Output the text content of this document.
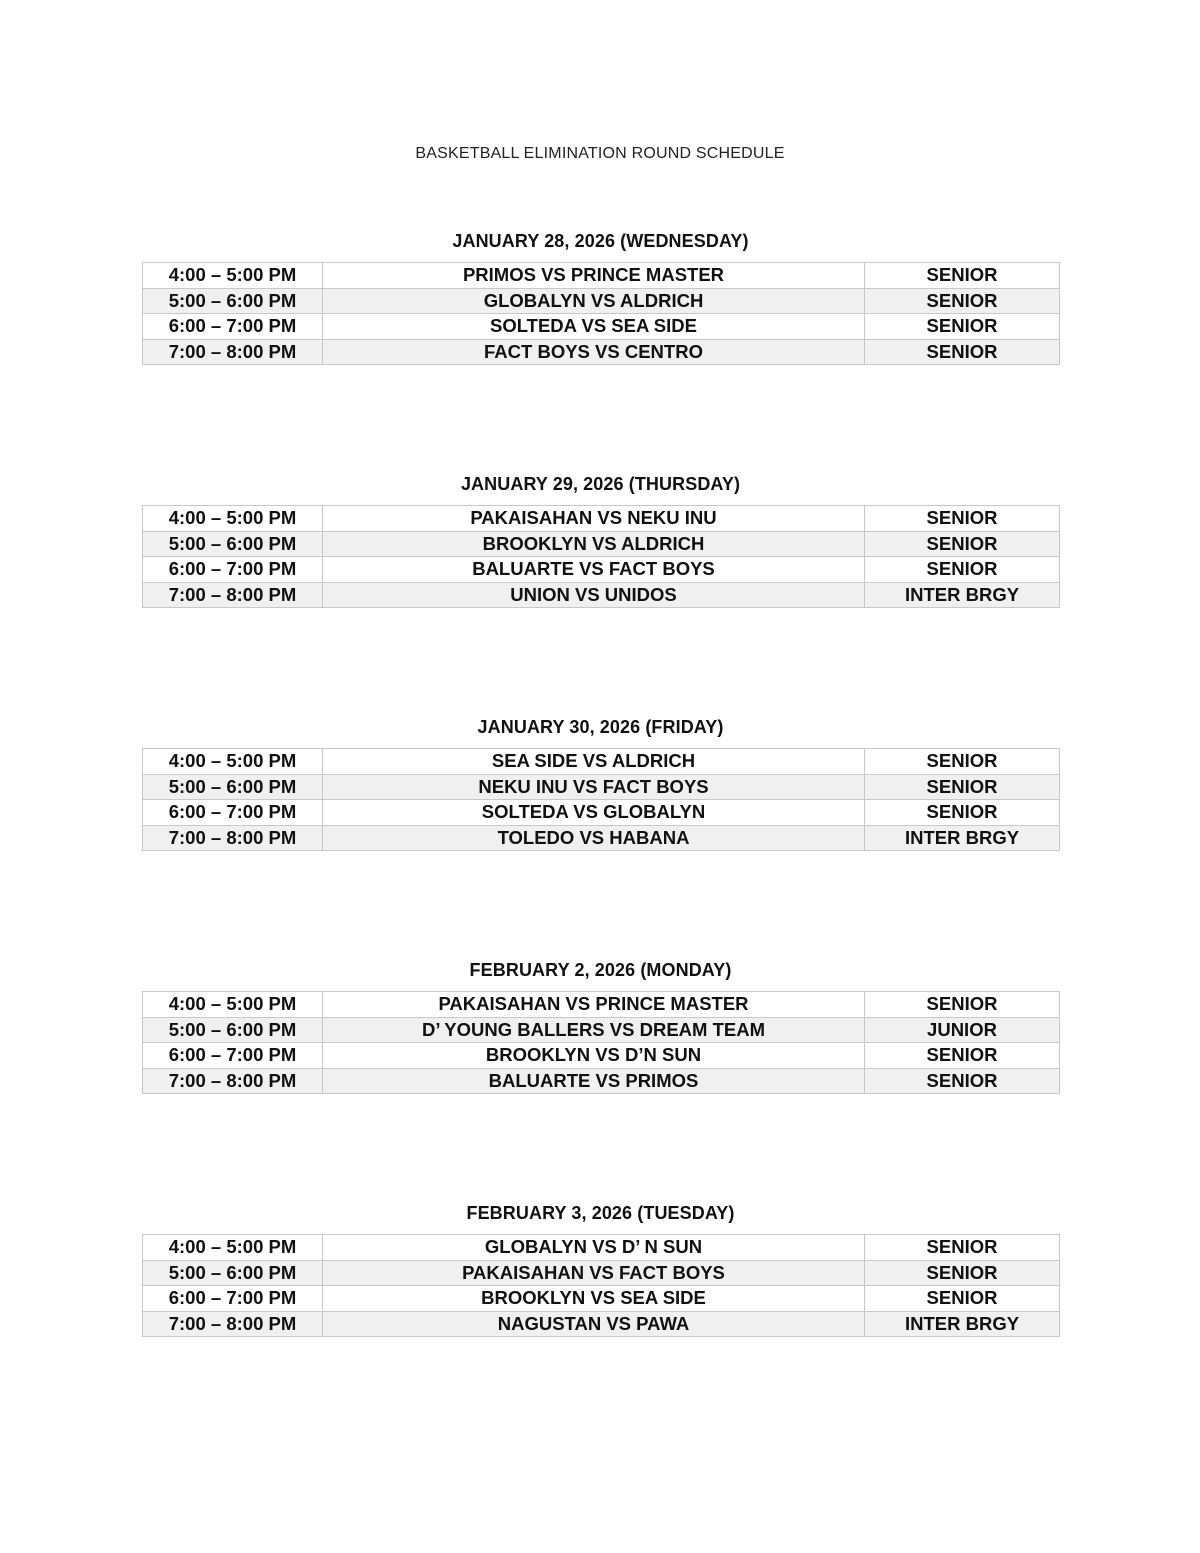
BASKETBALL ELIMINATION ROUND SCHEDULE
JANUARY 28, 2026 (WEDNESDAY)
4:00 – 5:00 PM	PRIMOS VS PRINCE MASTER	SENIOR
5:00 – 6:00 PM	GLOBALYN VS ALDRICH	SENIOR
6:00 – 7:00 PM	SOLTEDA VS SEA SIDE	SENIOR
7:00 – 8:00 PM	FACT BOYS VS CENTRO	SENIOR
JANUARY 29, 2026 (THURSDAY)
4:00 – 5:00 PM	PAKAISAHAN VS NEKU INU	SENIOR
5:00 – 6:00 PM	BROOKLYN VS ALDRICH	SENIOR
6:00 – 7:00 PM	BALUARTE VS FACT BOYS	SENIOR
7:00 – 8:00 PM	UNION VS UNIDOS	INTER BRGY
JANUARY 30, 2026 (FRIDAY)
4:00 – 5:00 PM	SEA SIDE VS ALDRICH	SENIOR
5:00 – 6:00 PM	NEKU INU VS FACT BOYS	SENIOR
6:00 – 7:00 PM	SOLTEDA VS GLOBALYN	SENIOR
7:00 – 8:00 PM	TOLEDO VS HABANA	INTER BRGY
FEBRUARY 2, 2026 (MONDAY)
4:00 – 5:00 PM	PAKAISAHAN VS PRINCE MASTER	SENIOR
5:00 – 6:00 PM	D’ YOUNG BALLERS VS DREAM TEAM	JUNIOR
6:00 – 7:00 PM	BROOKLYN VS D’N SUN	SENIOR
7:00 – 8:00 PM	BALUARTE VS PRIMOS	SENIOR
FEBRUARY 3, 2026 (TUESDAY)
4:00 – 5:00 PM	GLOBALYN VS D’ N SUN	SENIOR
5:00 – 6:00 PM	PAKAISAHAN VS FACT BOYS	SENIOR
6:00 – 7:00 PM	BROOKLYN VS SEA SIDE	SENIOR
7:00 – 8:00 PM	NAGUSTAN VS PAWA	INTER BRGY
